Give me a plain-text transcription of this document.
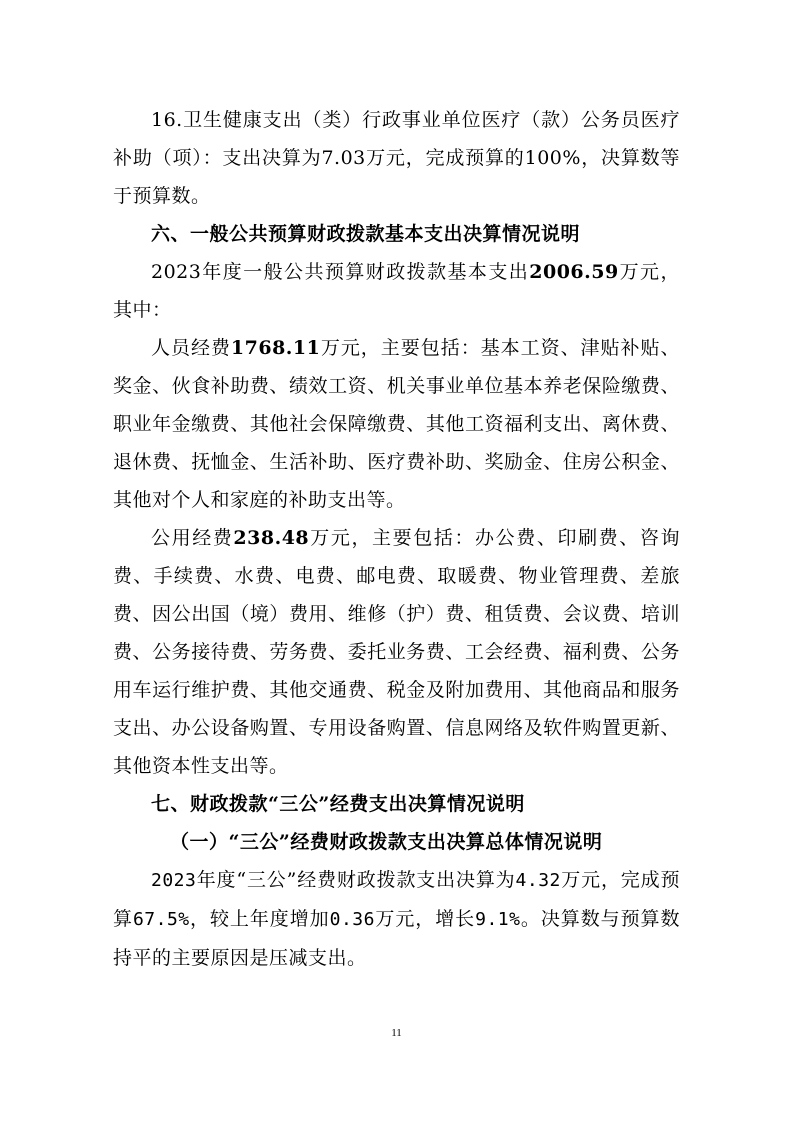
16.卫生健康支出（类）行政事业单位医疗（款）公务员医疗补助（项）：支出决算为7.03万元，完成预算的100%，决算数等于预算数。

六、一般公共预算财政拨款基本支出决算情况说明

2023年度一般公共预算财政拨款基本支出2006.59万元，其中：

人员经费1768.11万元，主要包括：基本工资、津贴补贴、奖金、伙食补助费、绩效工资、机关事业单位基本养老保险缴费、职业年金缴费、其他社会保障缴费、其他工资福利支出、离休费、退休费、抚恤金、生活补助、医疗费补助、奖励金、住房公积金、其他对个人和家庭的补助支出等。

公用经费238.48万元，主要包括：办公费、印刷费、咨询费、手续费、水费、电费、邮电费、取暖费、物业管理费、差旅费、因公出国（境）费用、维修（护）费、租赁费、会议费、培训费、公务接待费、劳务费、委托业务费、工会经费、福利费、公务用车运行维护费、其他交通费、税金及附加费用、其他商品和服务支出、办公设备购置、专用设备购置、信息网络及软件购置更新、其他资本性支出等。

七、财政拨款“三公”经费支出决算情况说明

（一）“三公”经费财政拨款支出决算总体情况说明

2023年度“三公”经费财政拨款支出决算为4.32万元，完成预算67.5%，较上年度增加0.36万元，增长9.1%。决算数与预算数持平的主要原因是压减支出。

11
